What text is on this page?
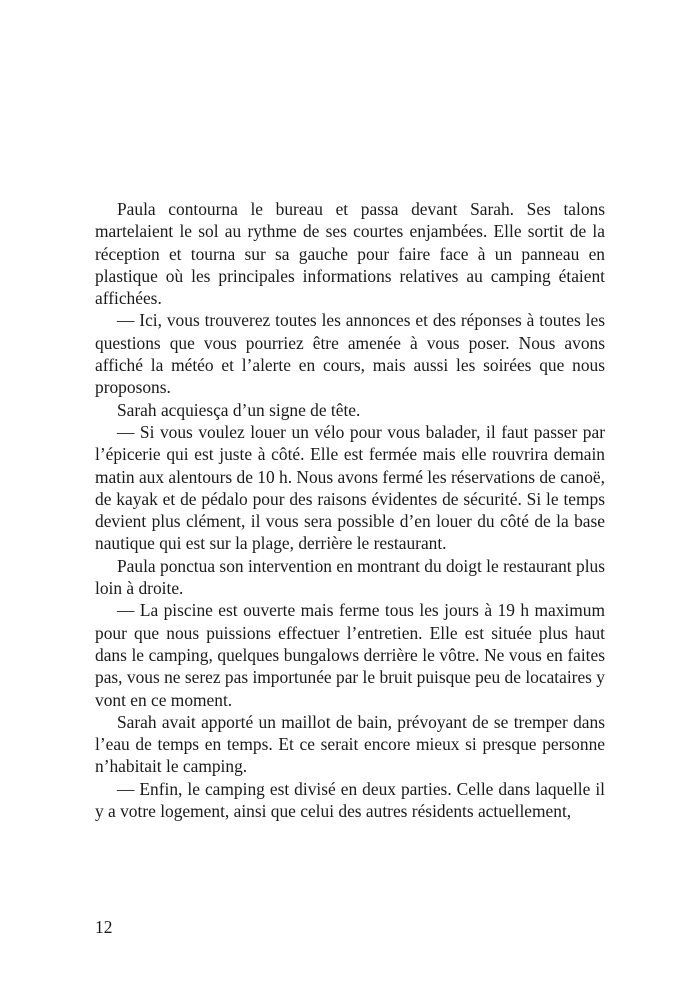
Paula contourna le bureau et passa devant Sarah. Ses talons martelaient le sol au rythme de ses courtes enjambées. Elle sortit de la réception et tourna sur sa gauche pour faire face à un panneau en plastique où les principales informations relatives au camping étaient affichées.

— Ici, vous trouverez toutes les annonces et des réponses à toutes les questions que vous pourriez être amenée à vous poser. Nous avons affiché la météo et l’alerte en cours, mais aussi les soirées que nous proposons.

Sarah acquiesça d’un signe de tête.

— Si vous voulez louer un vélo pour vous balader, il faut passer par l’épicerie qui est juste à côté. Elle est fermée mais elle rouvrira demain matin aux alentours de 10 h. Nous avons fermé les réservations de canoë, de kayak et de pédalo pour des raisons évidentes de sécurité. Si le temps devient plus clément, il vous sera possible d’en louer du côté de la base nautique qui est sur la plage, derrière le restaurant.

Paula ponctua son intervention en montrant du doigt le restaurant plus loin à droite.

— La piscine est ouverte mais ferme tous les jours à 19 h maximum pour que nous puissions effectuer l’entretien. Elle est située plus haut dans le camping, quelques bungalows derrière le vôtre. Ne vous en faites pas, vous ne serez pas importunée par le bruit puisque peu de locataires y vont en ce moment.

Sarah avait apporté un maillot de bain, prévoyant de se tremper dans l’eau de temps en temps. Et ce serait encore mieux si presque personne n’habitait le camping.

— Enfin, le camping est divisé en deux parties. Celle dans laquelle il y a votre logement, ainsi que celui des autres résidents actuellement,

12
